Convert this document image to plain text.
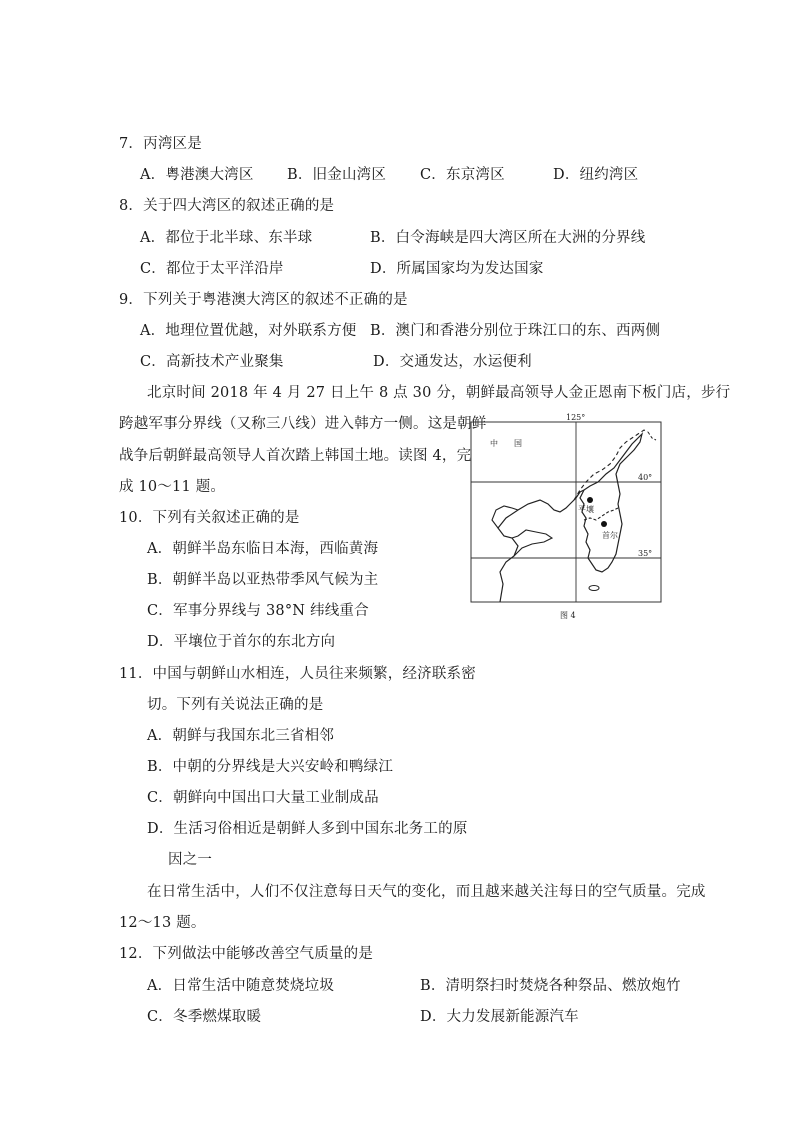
7．丙湾区是
A．粤港澳大湾区 B．旧金山湾区 C．东京湾区	D．纽约湾区
8．关于四大湾区的叙述正确的是
A．都位于北半球、东半球	B．白令海峡是四大湾区所在大洲的分界线
C．都位于太平洋沿岸	D．所属国家均为发达国家
9．下列关于粤港澳大湾区的叙述不正确的是
A．地理位置优越，对外联系方便 B．澳门和香港分别位于珠江口的东、西两侧
C．高新技术产业聚集	D．交通发达，水运便利
北京时间 2018 年 4 月 27 日上午 8 点 30 分，朝鲜最高领导人金正恩南下板门店，步行
跨越军事分界线（又称三八线）进入韩方一侧。这是朝鲜
战争后朝鲜最高领导人首次踏上韩国土地。读图 4，完
成 10～11 题。
10．下列有关叙述正确的是
A．朝鲜半岛东临日本海，西临黄海
B．朝鲜半岛以亚热带季风气候为主
C．军事分界线与 38°N 纬线重合
D．平壤位于首尔的东北方向
11．中国与朝鲜山水相连，人员往来频繁，经济联系密
切。下列有关说法正确的是
A．朝鲜与我国东北三省相邻
B．中朝的分界线是大兴安岭和鸭绿江
C．朝鲜向中国出口大量工业制成品
D．生活习俗相近是朝鲜人多到中国东北务工的原
因之一
在日常生活中，人们不仅注意每日天气的变化，而且越来越关注每日的空气质量。完成
12～13 题。
12．下列做法中能够改善空气质量的是
A．日常生活中随意焚烧垃圾	B．清明祭扫时焚烧各种祭品、燃放炮竹
C．冬季燃煤取暖	D．大力发展新能源汽车
125°
40°
35°
中　　国
平壤
首尔
图 4
